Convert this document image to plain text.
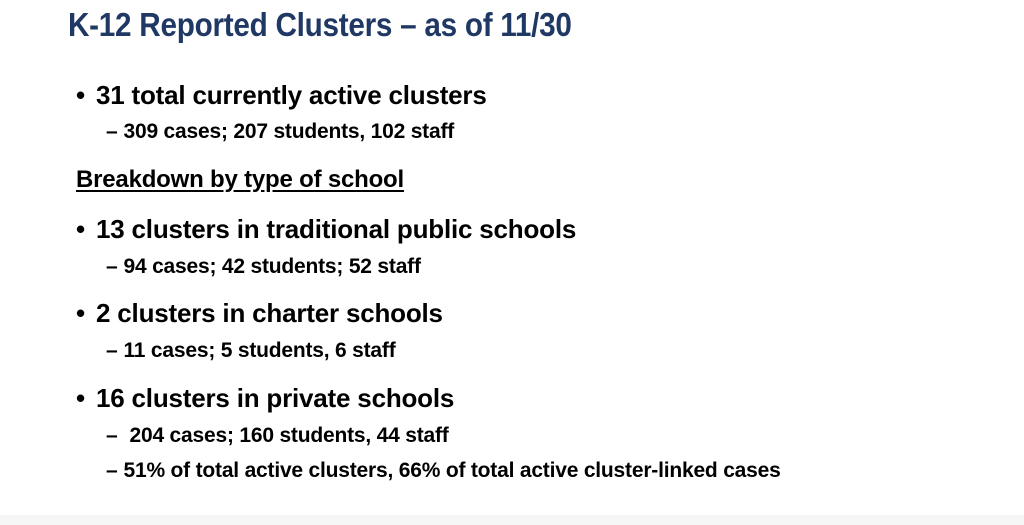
K-12 Reported Clusters – as of 11/30
• 31 total currently active clusters
– 309 cases; 207 students, 102 staff
Breakdown by type of school
• 13 clusters in traditional public schools
– 94 cases; 42 students; 52 staff
• 2 clusters in charter schools
– 11 cases; 5 students, 6 staff
• 16 clusters in private schools
– 204 cases; 160 students, 44 staff
– 51% of total active clusters, 66% of total active cluster-linked cases
